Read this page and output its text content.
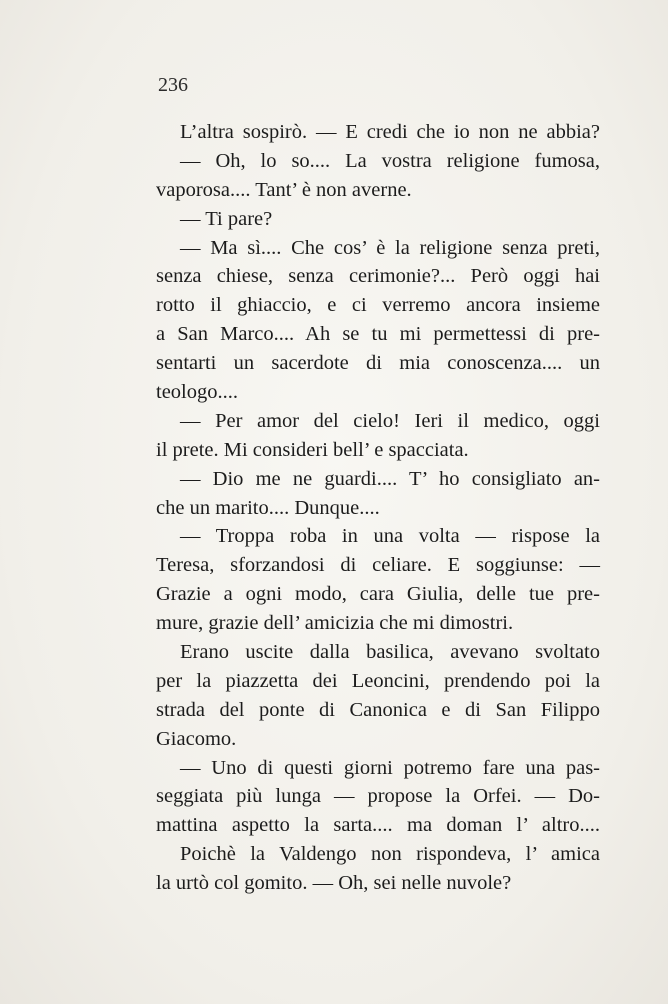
236
L’altra sospirò. — E credi che io non ne abbia?
— Oh, lo so.... La vostra religione fumosa,
vaporosa.... Tant’ è non averne.
— Ti pare?
— Ma sì.... Che cos’ è la religione senza preti,
senza chiese, senza cerimonie?... Però oggi hai
rotto il ghiaccio, e ci verremo ancora insieme
a San Marco.... Ah se tu mi permettessi di pre-
sentarti un sacerdote di mia conoscenza.... un
teologo....
— Per amor del cielo! Ieri il medico, oggi
il prete. Mi consideri bell’ e spacciata.
— Dio me ne guardi.... T’ ho consigliato an-
che un marito.... Dunque....
— Troppa roba in una volta — rispose la
Teresa, sforzandosi di celiare. E soggiunse: —
Grazie a ogni modo, cara Giulia, delle tue pre-
mure, grazie dell’ amicizia che mi dimostri.
Erano uscite dalla basilica, avevano svoltato
per la piazzetta dei Leoncini, prendendo poi la
strada del ponte di Canonica e di San Filippo
Giacomo.
— Uno di questi giorni potremo fare una pas-
seggiata più lunga — propose la Orfei. — Do-
mattina aspetto la sarta.... ma doman l’ altro....
Poichè la Valdengo non rispondeva, l’ amica
la urtò col gomito. — Oh, sei nelle nuvole?
